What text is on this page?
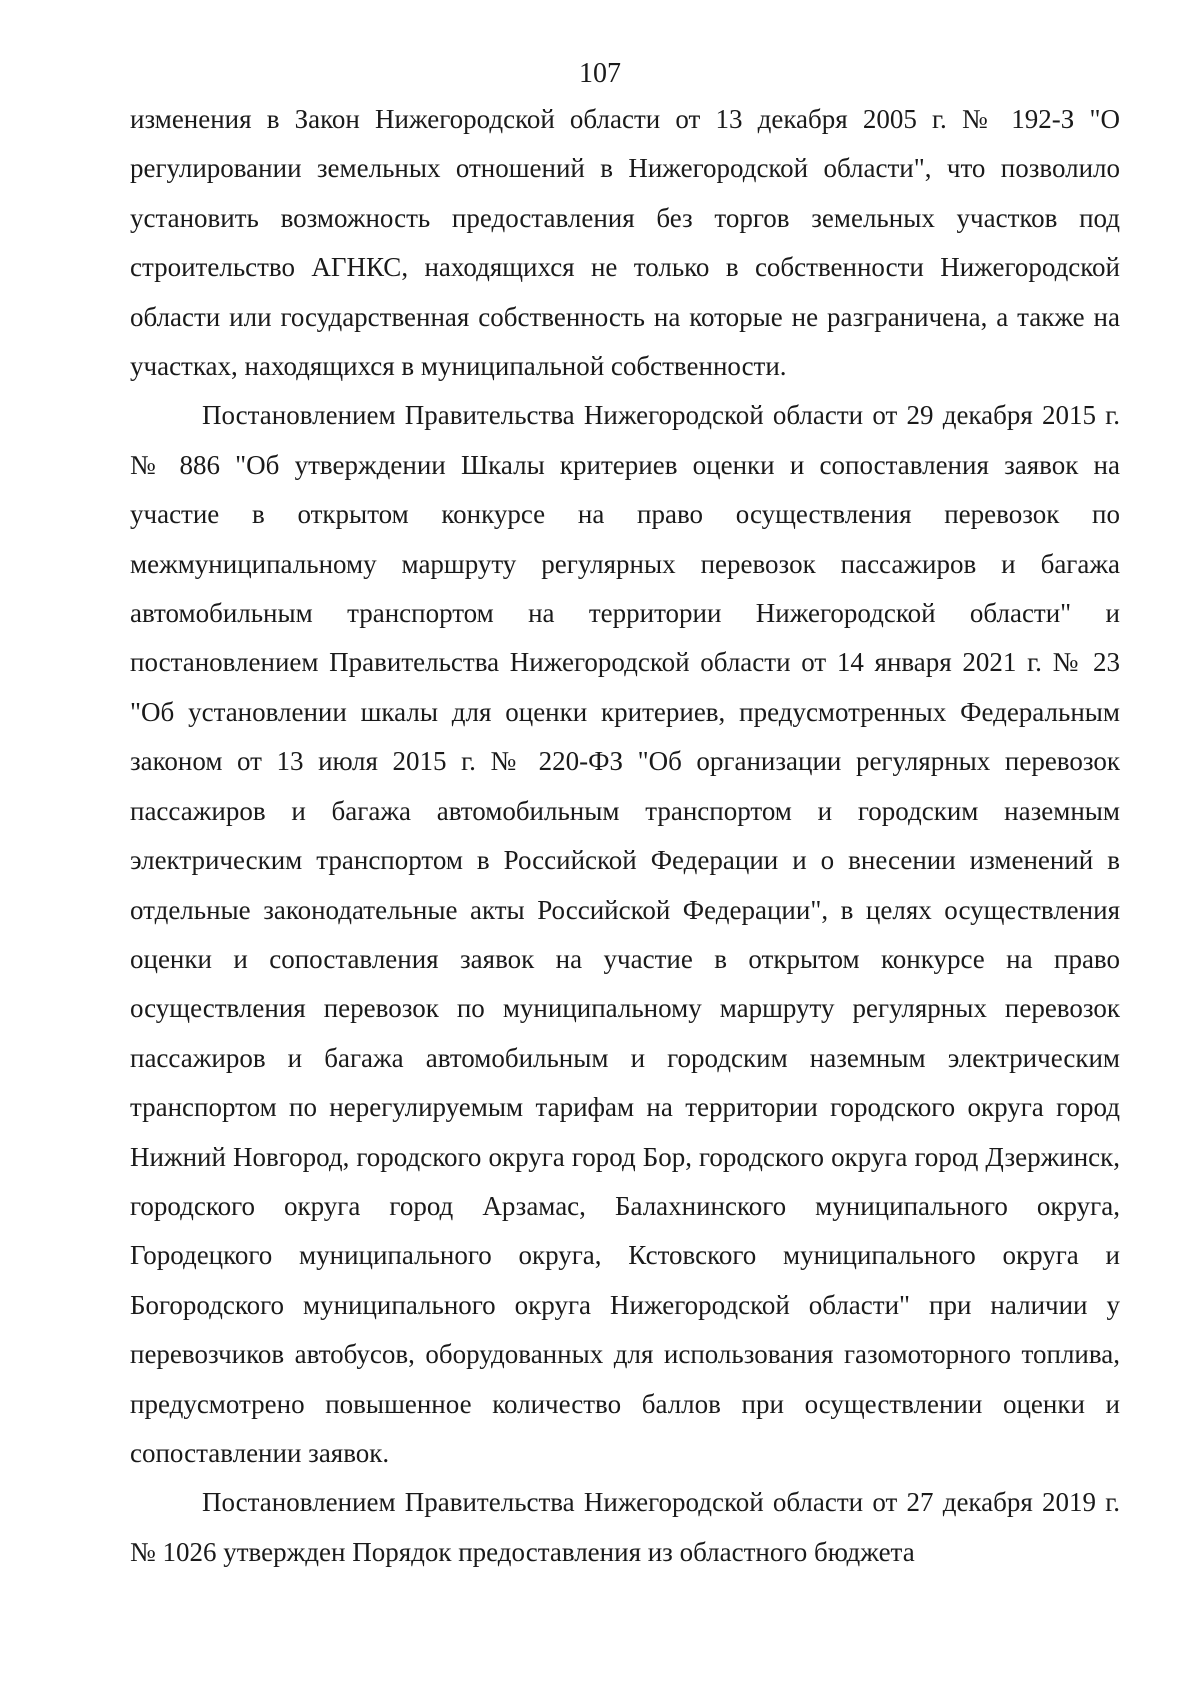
107

изменения в Закон Нижегородской области от 13 декабря 2005 г. № 192-З "О регулировании земельных отношений в Нижегородской области", что позволило установить возможность предоставления без торгов земельных участков под строительство АГНКС, находящихся не только в собственности Нижегородской области или государственная собственность на которые не разграничена, а также на участках, находящихся в муниципальной собственности.

Постановлением Правительства Нижегородской области от 29 декабря 2015 г. № 886 "Об утверждении Шкалы критериев оценки и сопоставления заявок на участие в открытом конкурсе на право осуществления перевозок по межмуниципальному маршруту регулярных перевозок пассажиров и багажа автомобильным транспортом на территории Нижегородской области" и постановлением Правительства Нижегородской области от 14 января 2021 г. № 23 "Об установлении шкалы для оценки критериев, предусмотренных Федеральным законом от 13 июля 2015 г. № 220-ФЗ "Об организации регулярных перевозок пассажиров и багажа автомобильным транспортом и городским наземным электрическим транспортом в Российской Федерации и о внесении изменений в отдельные законодательные акты Российской Федерации", в целях осуществления оценки и сопоставления заявок на участие в открытом конкурсе на право осуществления перевозок по муниципальному маршруту регулярных перевозок пассажиров и багажа автомобильным и городским наземным электрическим транспортом по нерегулируемым тарифам на территории городского округа город Нижний Новгород, городского округа город Бор, городского округа город Дзержинск, городского округа город Арзамас, Балахнинского муниципального округа, Городецкого муниципального округа, Кстовского муниципального округа и Богородского муниципального округа Нижегородской области" при наличии у перевозчиков автобусов, оборудованных для использования газомоторного топлива, предусмотрено повышенное количество баллов при осуществлении оценки и сопоставлении заявок.

Постановлением Правительства Нижегородской области от 27 декабря 2019 г. № 1026 утвержден Порядок предоставления из областного бюджета
